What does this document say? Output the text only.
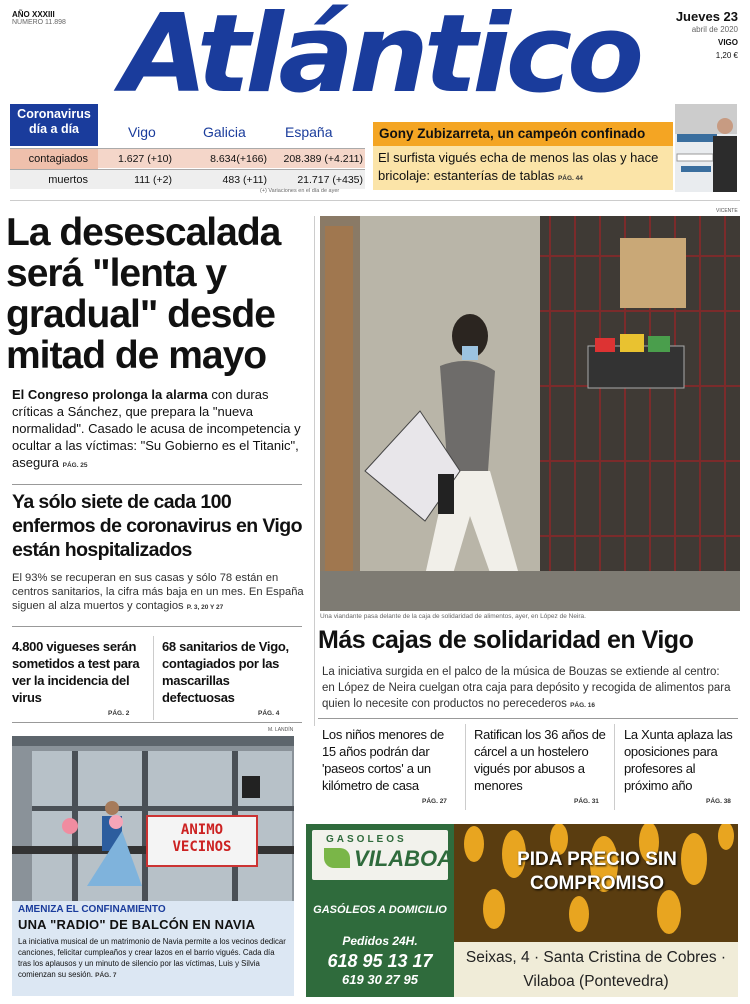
AÑO XXXIII
NÚMERO 11.898 Atlántico	Jueves 23
abril de 2020
VIGO
1,20 €
Coronavirus día a día	Vigo	Galicia	España
contagiados	1.627 (+10)	8.634(+166)	208.389 (+4.211)
muertos	111 (+2)	483 (+11)	21.717 (+435)
(+) Variaciones en el día de ayer
Gony Zubizarreta, un campeón confinado
El surfista vigués echa de menos las olas y hace bricolaje: estanterías de tablas PÁG. 44
La desescalada será "lenta y gradual" desde mitad de mayo
El Congreso prolonga la alarma con duras críticas a Sánchez, que prepara la "nueva normalidad". Casado le acusa de incompetencia y ocultar a las víctimas: "Su Gobierno es el Titanic", asegura PÁG. 25
Ya sólo siete de cada 100 enfermos de coronavirus en Vigo están hospitalizados
El 93% se recuperan en sus casas y sólo 78 están en centros sanitarios, la cifra más baja en un mes. En España siguen al alza muertos y contagios P. 3, 20 Y 27
4.800 vigueses serán sometidos a test para ver la incidencia del virus
PÁG. 2
68 sanitarios de Vigo, contagiados por las mascarillas defectuosas
PÁG. 4
M. LANDÍN
ANIMO VECINOS
AMENIZA EL CONFINAMIENTO
UNA "RADIO" DE BALCÓN EN NAVIA
La iniciativa musical de un matrimonio de Navia permite a los vecinos dedicar canciones, felicitar cumpleaños y crear lazos en el barrio vigués. Cada día tras los aplausos y un minuto de silencio por las víctimas, Luis y Silvia comienzan su sesión. PÁG. 7
VICENTE
Una viandante pasa delante de la caja de solidaridad de alimentos, ayer, en López de Neira.
Más cajas de solidaridad en Vigo
La iniciativa surgida en el palco de la música de Bouzas se extiende al centro: en López de Neira cuelgan otra caja para depósito y recogida de alimentos para quien lo necesite con productos no perecederos PÁG. 16
Los niños menores de 15 años podrán dar 'paseos cortos' a un kilómetro de casa
PÁG. 27
Ratifican los 36 años de cárcel a un hostelero vigués por abusos a menores
PÁG. 31
La Xunta aplaza las oposiciones para profesores al próximo año
PÁG. 38
GASOLEOS
VILABOA
GASÓLEOS A DOMICILIO
Pedidos 24H.
618 95 13 17
619 30 27 95
PIDA PRECIO SIN COMPROMISO
Seixas, 4 · Santa Cristina de Cobres · Vilaboa (Pontevedra)
